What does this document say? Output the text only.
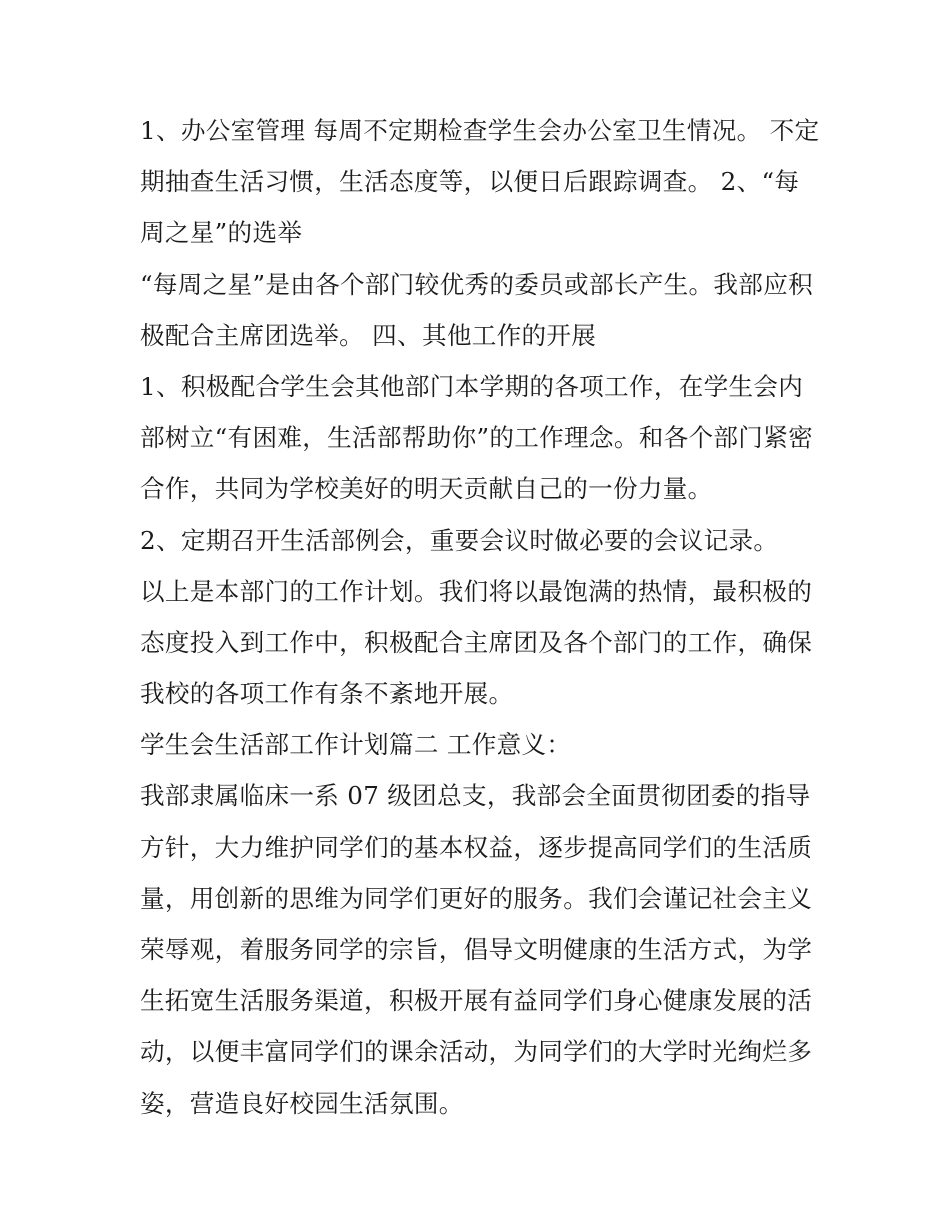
1、办公室管理 每周不定期检查学生会办公室卫生情况。 不定
期抽查生活习惯，生活态度等，以便日后跟踪调查。 2、“每
周之星”的选举
“每周之星”是由各个部门较优秀的委员或部长产生。我部应积
极配合主席团选举。 四、其他工作的开展
1、积极配合学生会其他部门本学期的各项工作，在学生会内
部树立“有困难，生活部帮助你”的工作理念。和各个部门紧密
合作，共同为学校美好的明天贡献自己的一份力量。
2、定期召开生活部例会，重要会议时做必要的会议记录。
以上是本部门的工作计划。我们将以最饱满的热情，最积极的
态度投入到工作中，积极配合主席团及各个部门的工作，确保
我校的各项工作有条不紊地开展。
学生会生活部工作计划篇二 工作意义：
我部隶属临床一系 07 级团总支，我部会全面贯彻团委的指导
方针，大力维护同学们的基本权益，逐步提高同学们的生活质
量，用创新的思维为同学们更好的服务。我们会谨记社会主义
荣辱观，着服务同学的宗旨，倡导文明健康的生活方式，为学
生拓宽生活服务渠道，积极开展有益同学们身心健康发展的活
动，以便丰富同学们的课余活动，为同学们的大学时光绚烂多
姿，营造良好校园生活氛围。
